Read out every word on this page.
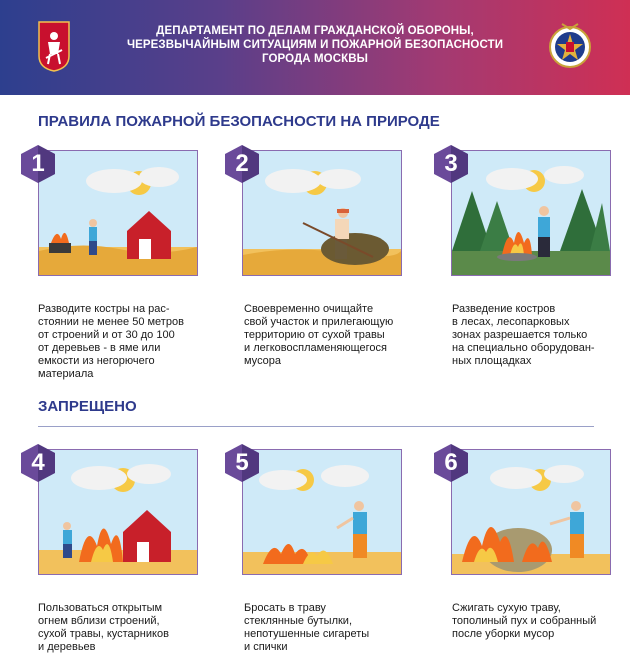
ДЕПАРТАМЕНТ ПО ДЕЛАМ ГРАЖДАНСКОЙ ОБОРОНЫ,
ЧЕРЕЗВЫЧАЙНЫМ СИТУАЦИЯМ И ПОЖАРНОЙ БЕЗОПАСНОСТИ
ГОРОДА МОСКВЫ
ПРАВИЛА ПОЖАРНОЙ БЕЗОПАСНОСТИ НА ПРИРОДЕ
1
Разводите костры на рас-
стоянии не менее 50 метров
от строений и от 30 до 100
от деревьев - в яме или
емкости из негорючего
материала
2
Своевременно очищайте
свой участок и прилегающую
территорию от сухой травы
и легковоспламеняющегося
мусора
3
Разведение костров
в лесах, лесопарковых
зонах разрешается только
на специально оборудован-
ных площадках
ЗАПРЕЩЕНО
4
Пользоваться открытым
огнем вблизи строений,
сухой травы, кустарников
и деревьев
5
Бросать в траву
стеклянные бутылки,
непотушенные сигареты
и спички
6
Сжигать сухую траву,
тополиный пух и собранный
после уборки мусор
